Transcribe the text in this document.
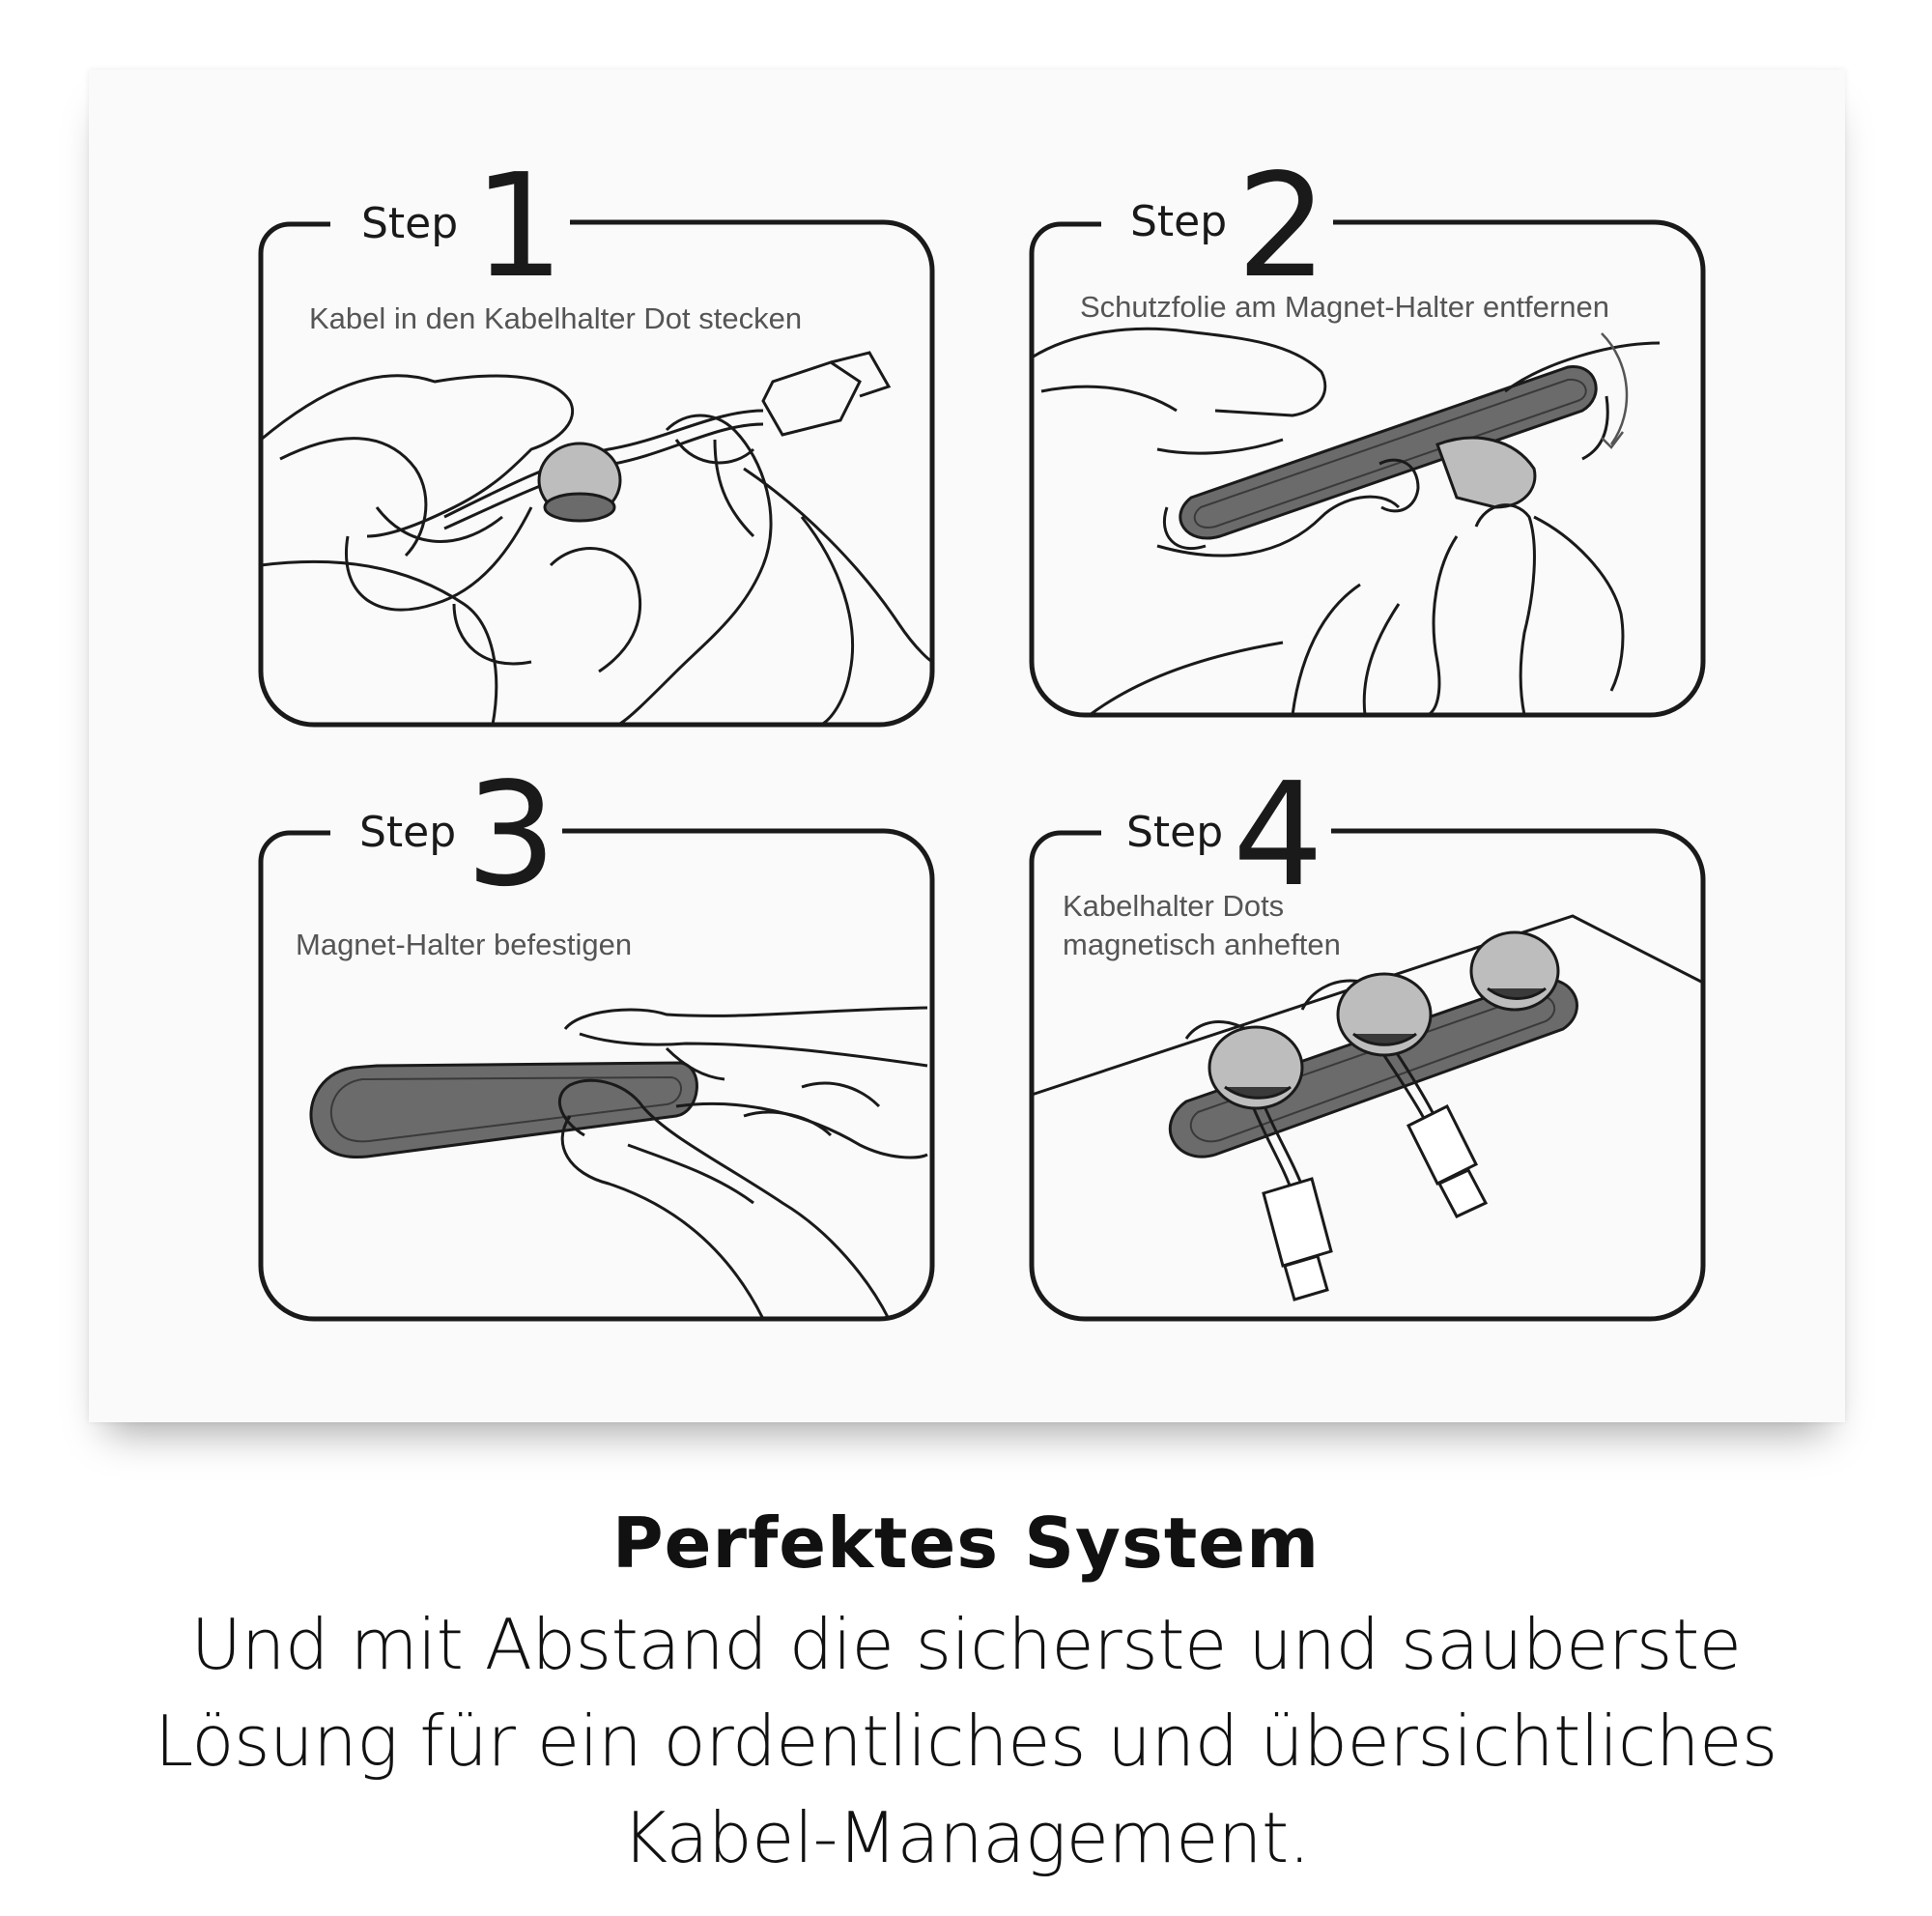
Step 1
Kabel in den Kabelhalter Dot stecken
Step 2
Schutzfolie am Magnet-Halter entfernen
Step 3
Magnet-Halter befestigen
Step 4
Kabelhalter Dots
magnetisch anheften
Perfektes System
Und mit Abstand die sicherste und sauberste
Lösung für ein ordentliches und übersichtliches
Kabel-Management.
